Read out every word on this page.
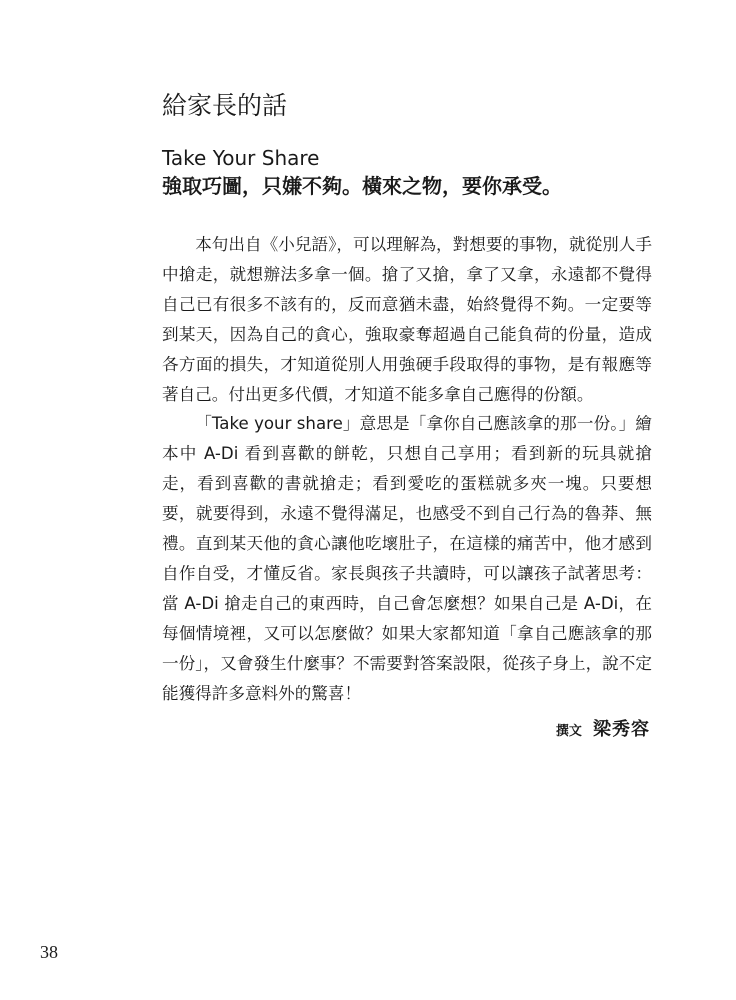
給家長的話
Take Your Share
強取巧圖，只嫌不夠。橫來之物，要你承受。

本句出自《小兒語》，可以理解為，對想要的事物，就從別人手中搶走，就想辦法多拿一個。搶了又搶，拿了又拿，永遠都不覺得自己已有很多不該有的，反而意猶未盡，始終覺得不夠。一定要等到某天，因為自己的貪心，強取豪奪超過自己能負荷的份量，造成各方面的損失，才知道從別人用強硬手段取得的事物，是有報應等著自己。付出更多代價，才知道不能多拿自己應得的份額。

「Take your share」意思是「拿你自己應該拿的那一份。」繪本中 A-Di 看到喜歡的餅乾，只想自己享用；看到新的玩具就搶走，看到喜歡的書就搶走；看到愛吃的蛋糕就多夾一塊。只要想要，就要得到，永遠不覺得滿足，也感受不到自己行為的魯莽、無禮。直到某天他的貪心讓他吃壞肚子，在這樣的痛苦中，他才感到自作自受，才懂反省。家長與孩子共讀時，可以讓孩子試著思考：當 A-Di 搶走自己的東西時，自己會怎麼想？如果自己是 A-Di，在每個情境裡，又可以怎麼做？如果大家都知道「拿自己應該拿的那一份」，又會發生什麼事？不需要對答案設限，從孩子身上，說不定能獲得許多意料外的驚喜！

撰文 梁秀容
38
